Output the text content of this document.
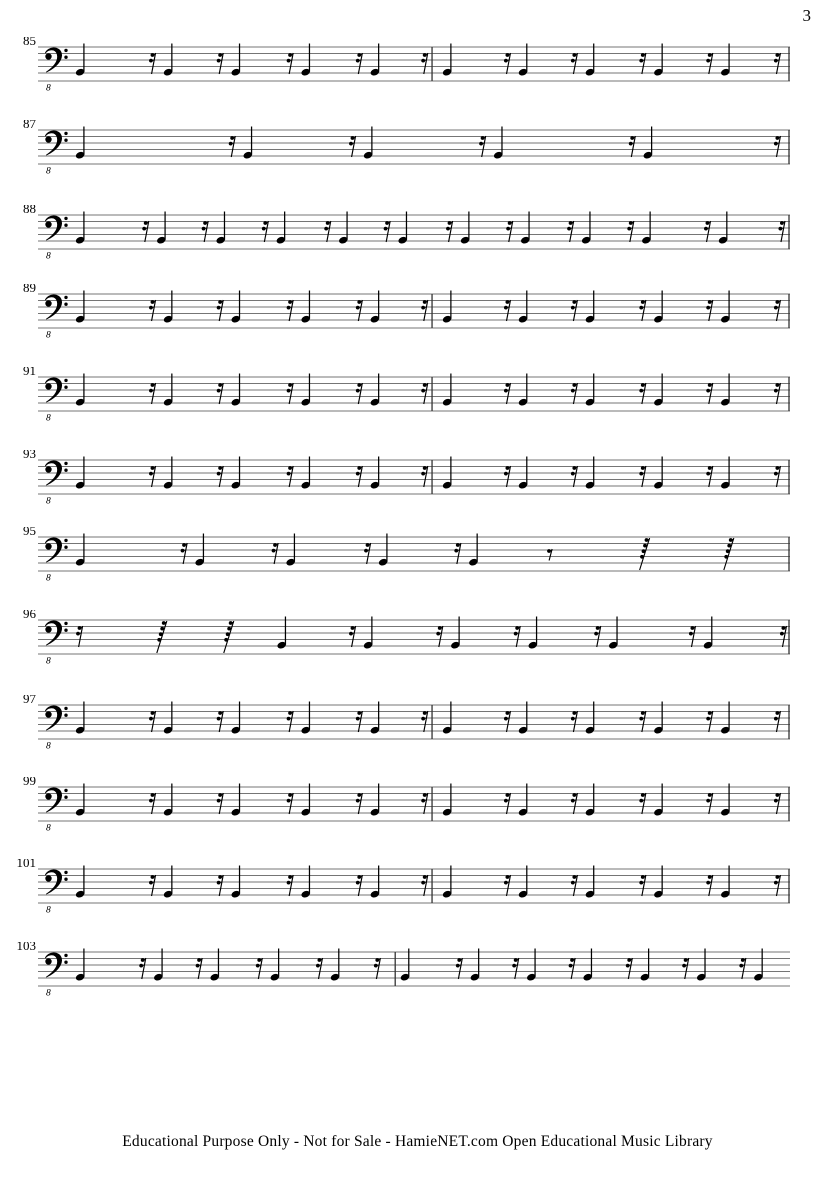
3
85
8
87
8
88
8
89
8
91
8
93
8
95
8
96
8
97
8
99
8
101
8
103
8
Educational Purpose Only - Not for Sale - HamieNET.com Open Educational Music Library
